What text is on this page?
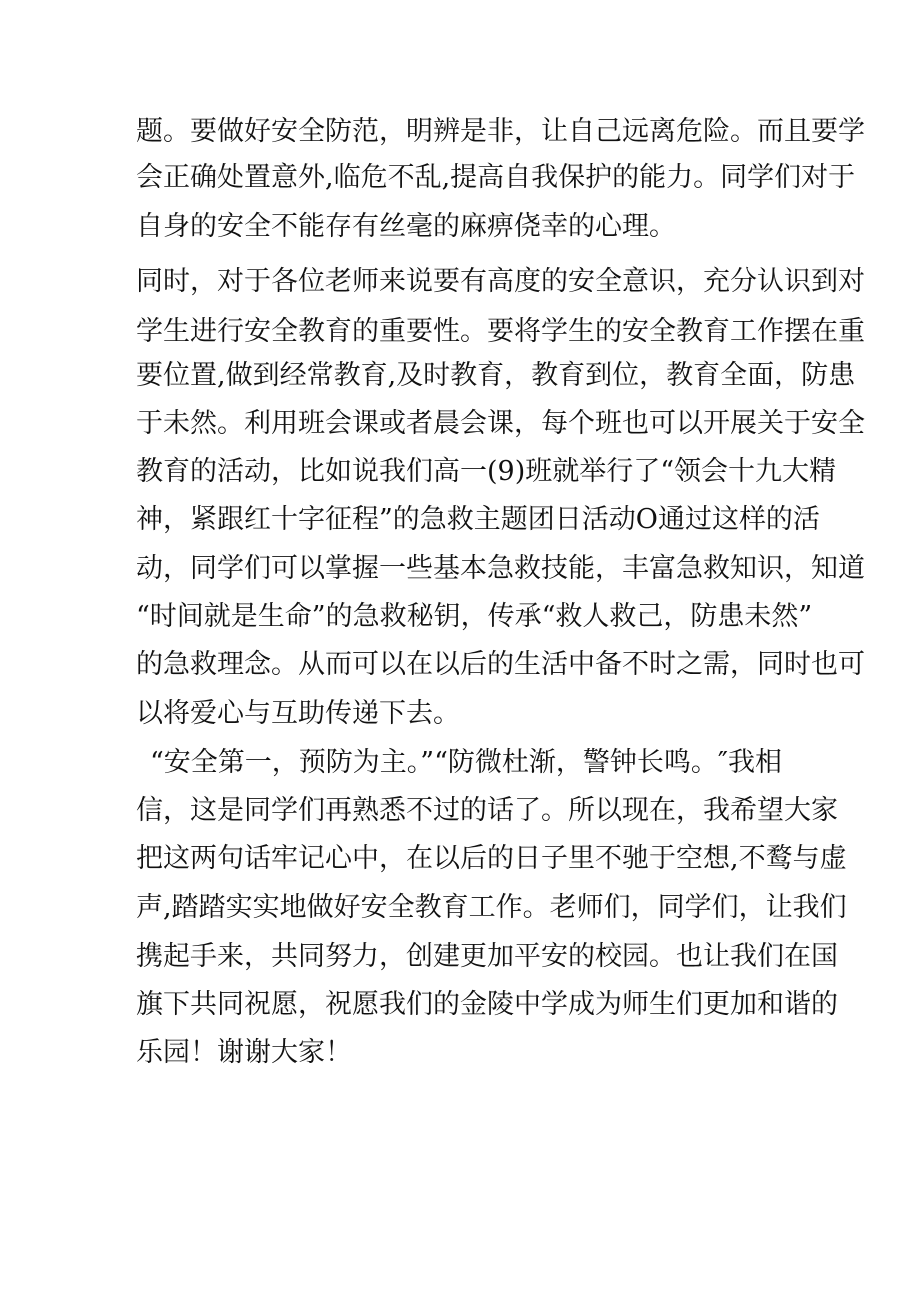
题。要做好安全防范，明辨是非，让自己远离危险。而且要学
会正确处置意外,临危不乱,提高自我保护的能力。同学们对于
自身的安全不能存有丝毫的麻痹侥幸的心理。
同时，对于各位老师来说要有高度的安全意识，充分认识到对
学生进行安全教育的重要性。要将学生的安全教育工作摆在重
要位置,做到经常教育,及时教育，教育到位，教育全面，防患
于未然。利用班会课或者晨会课，每个班也可以开展关于安全
教育的活动，比如说我们高一(9)班就举行了“领会十九大精
神，紧跟红十字征程”的急救主题团日活动O通过这样的活
动，同学们可以掌握一些基本急救技能，丰富急救知识，知道
“时间就是生命”的急救秘钥，传承“救人救己，防患未然”
的急救理念。从而可以在以后的生活中备不时之需，同时也可
以将爱心与互助传递下去。
“安全第一，预防为主。”“防微杜渐，警钟长鸣。″我相
信，这是同学们再熟悉不过的话了。所以现在，我希望大家
把这两句话牢记心中，在以后的日子里不驰于空想,不鹜与虚
声,踏踏实实地做好安全教育工作。老师们，同学们，让我们
携起手来，共同努力，创建更加平安的校园。也让我们在国
旗下共同祝愿，祝愿我们的金陵中学成为师生们更加和谐的
乐园！谢谢大家！
